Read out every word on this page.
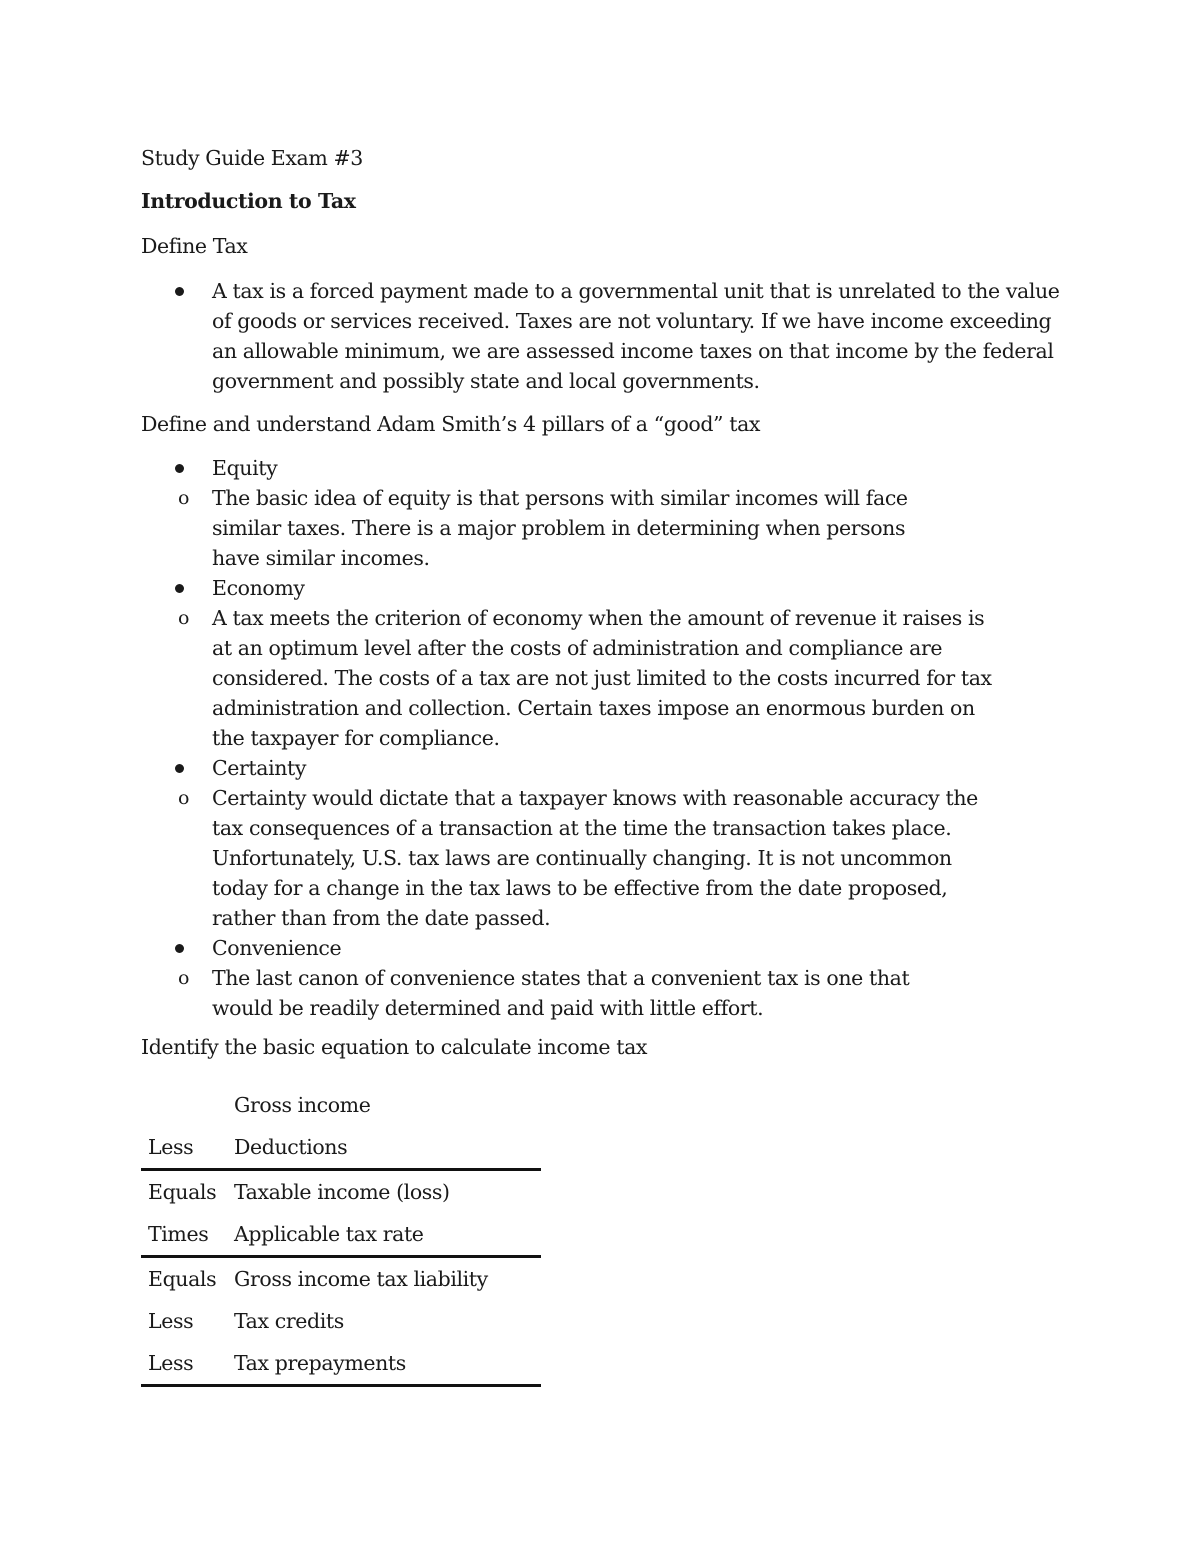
Study Guide Exam #3

Introduction to Tax

Define Tax

A tax is a forced payment made to a governmental unit that is unrelated to the value of goods or services received. Taxes are not voluntary. If we have income exceeding an allowable minimum, we are assessed income taxes on that income by the federal government and possibly state and local governments.

Define and understand Adam Smith’s 4 pillars of a “good” tax

Equity
o The basic idea of equity is that persons with similar incomes will face similar taxes. There is a major problem in determining when persons have similar incomes.
Economy
o A tax meets the criterion of economy when the amount of revenue it raises is at an optimum level after the costs of administration and compliance are considered. The costs of a tax are not just limited to the costs incurred for tax administration and collection. Certain taxes impose an enormous burden on the taxpayer for compliance.
Certainty
o Certainty would dictate that a taxpayer knows with reasonable accuracy the tax consequences of a transaction at the time the transaction takes place. Unfortunately, U.S. tax laws are continually changing. It is not uncommon today for a change in the tax laws to be effective from the date proposed, rather than from the date passed.
Convenience
o The last canon of convenience states that a convenient tax is one that would be readily determined and paid with little effort.

Identify the basic equation to calculate income tax

	Gross income
Less	Deductions
Equals	Taxable income (loss)
Times	Applicable tax rate
Equals	Gross income tax liability
Less	Tax credits
Less	Tax prepayments
